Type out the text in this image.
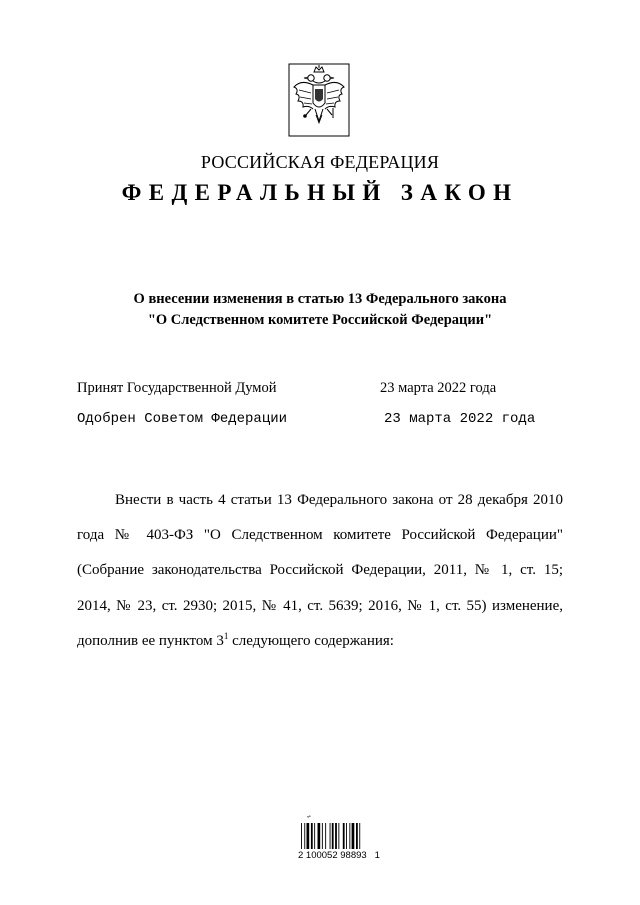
РОССИЙСКАЯ ФЕДЕРАЦИЯ
ФЕДЕРАЛЬНЫЙ ЗАКОН
О внесении изменения в статью 13 Федерального закона
"О Следственном комитете Российской Федерации"
Принят Государственной Думой	23 марта 2022 года
Одобрен Советом Федерации	23 марта 2022 года

Внести в часть 4 статьи 13 Федерального закона от 28 декабря 2010 года № 403-ФЗ "О Следственном комитете Российской Федерации" (Собрание законодательства Российской Федерации, 2011, № 1, ст. 15; 2014, № 23, ст. 2930; 2015, № 41, ст. 5639; 2016, № 1, ст. 55) изменение, дополнив ее пунктом $3^1$ следующего содержания:

✂
2 100052 98893   1
